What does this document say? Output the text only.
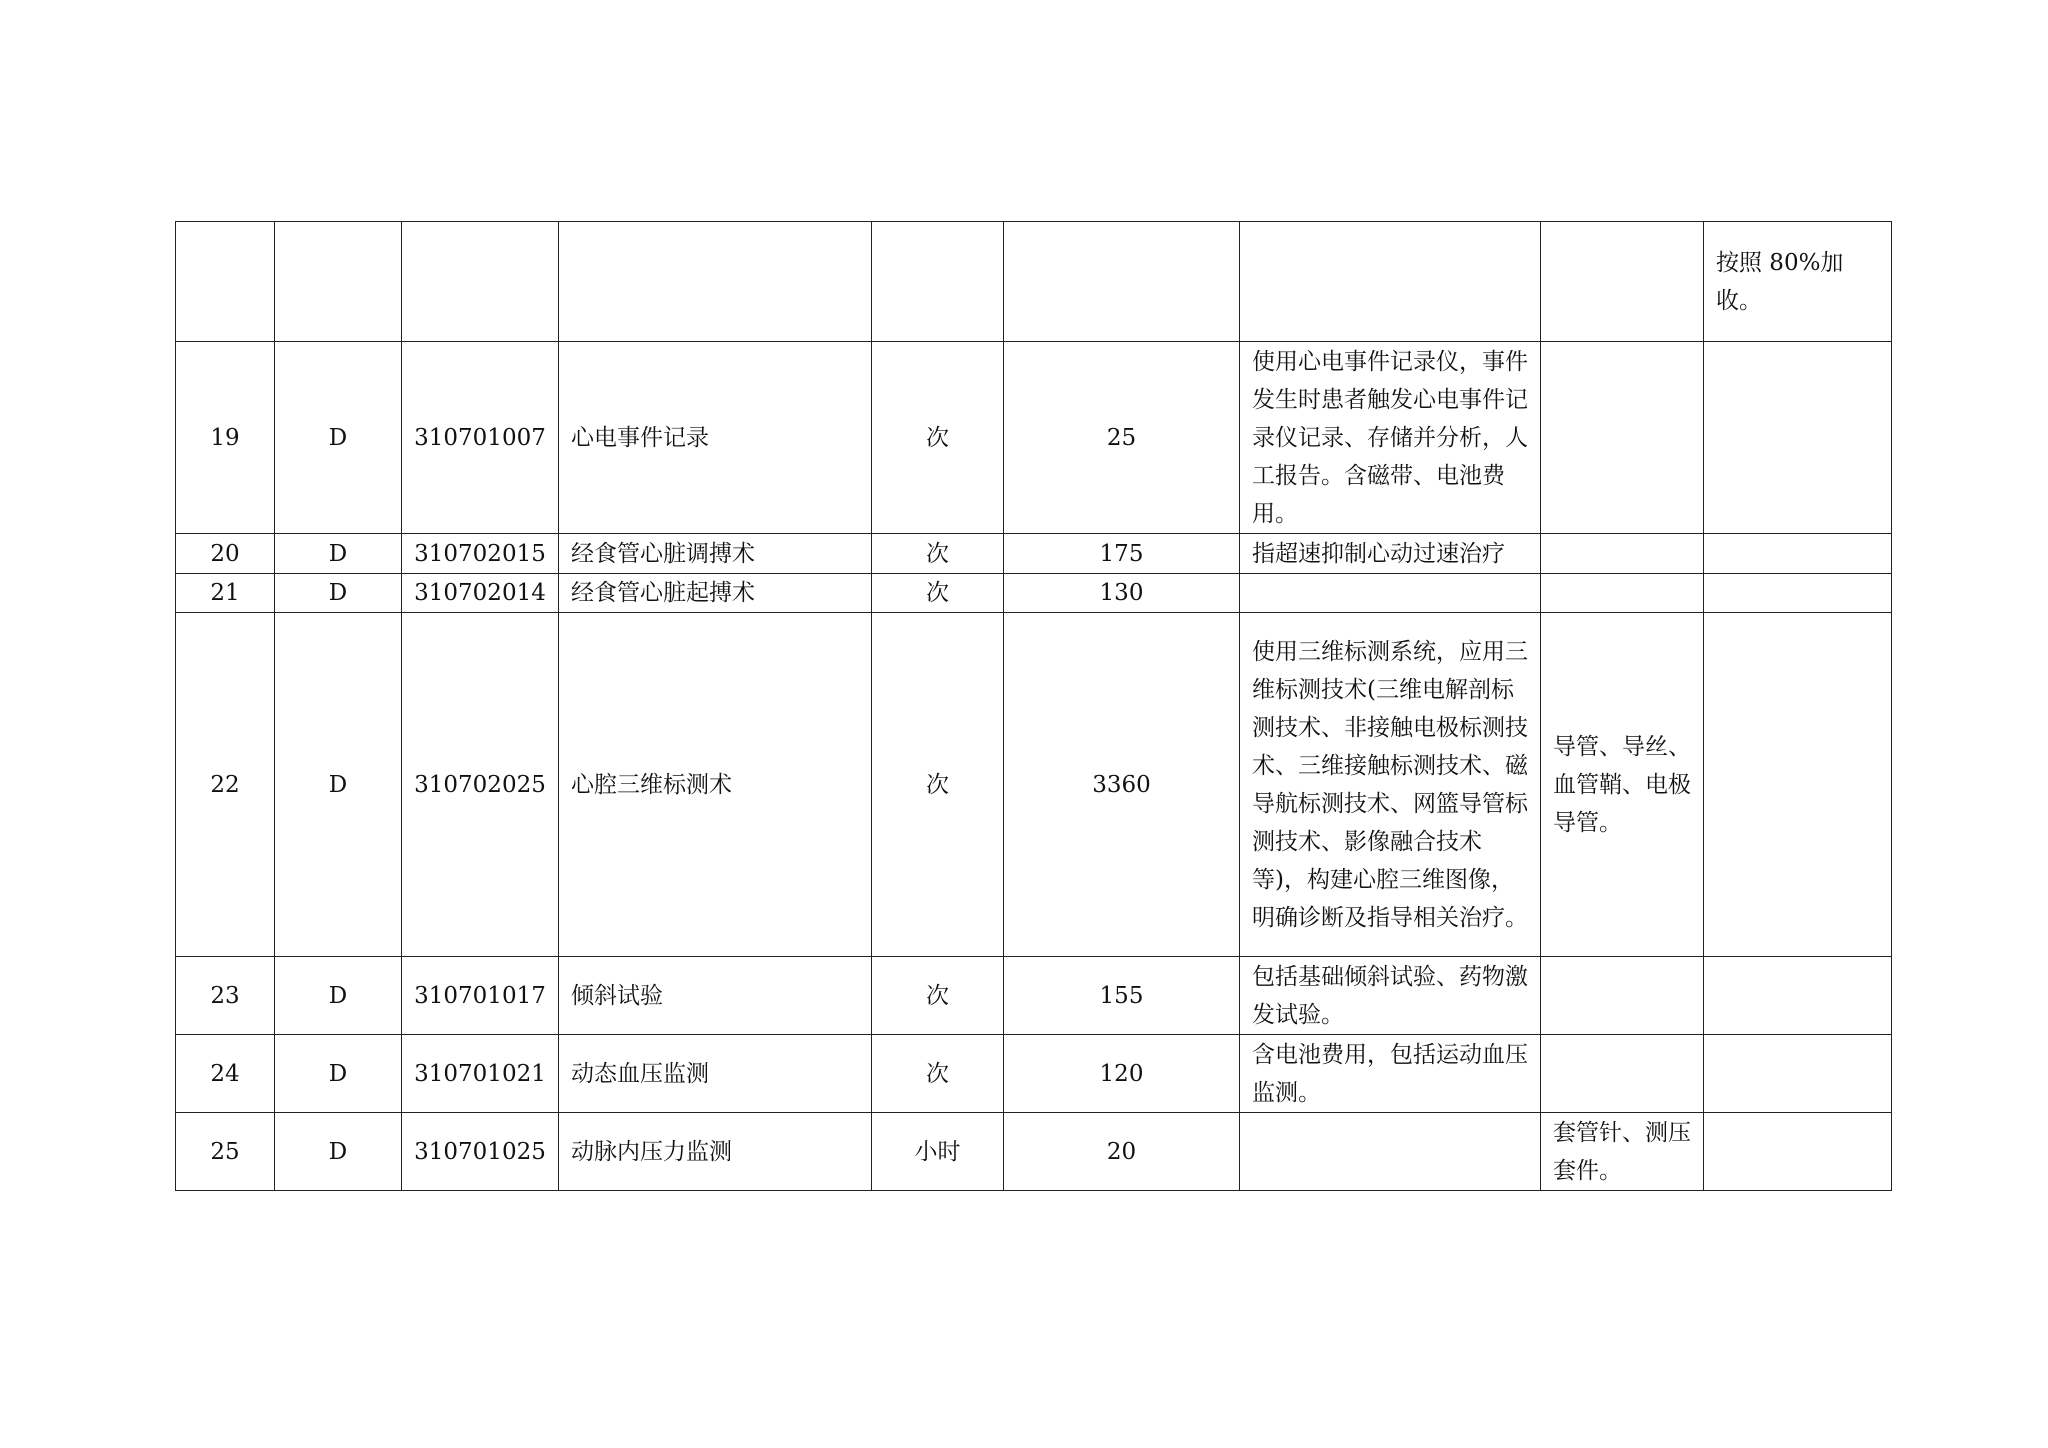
								按照 80%加收。
19	D	310701007	心电事件记录	次	25	使用心电事件记录仪，事件发生时患者触发心电事件记录仪记录、存储并分析，人工报告。含磁带、电池费用。		
20	D	310702015	经食管心脏调搏术	次	175	指超速抑制心动过速治疗		
21	D	310702014	经食管心脏起搏术	次	130			
22	D	310702025	心腔三维标测术	次	3360	使用三维标测系统，应用三维标测技术(三维电解剖标测技术、非接触电极标测技术、三维接触标测技术、磁导航标测技术、网篮导管标测技术、影像融合技术等)，构建心腔三维图像，明确诊断及指导相关治疗。	导管、导丝、血管鞘、电极导管。	
23	D	310701017	倾斜试验	次	155	包括基础倾斜试验、药物激发试验。		
24	D	310701021	动态血压监测	次	120	含电池费用，包括运动血压监测。		
25	D	310701025	动脉内压力监测	小时	20		套管针、测压套件。	
